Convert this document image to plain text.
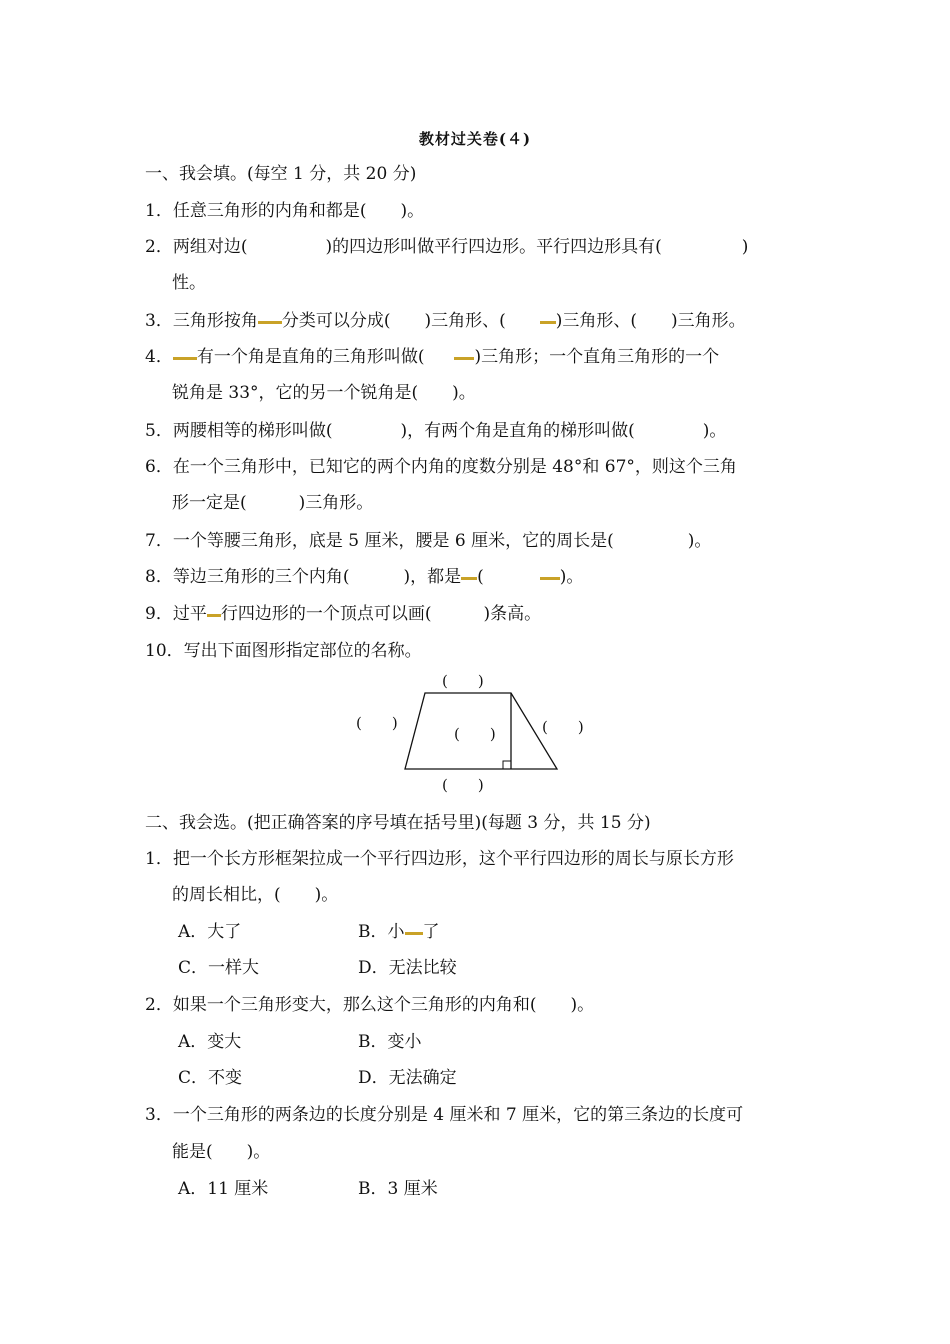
教材过关卷(４)
一、我会填。(每空 1 分，共 20 分)
1．任意三角形的内角和都是( )。
2．两组对边(	)的四边形叫做平行四边形。平行四边形具有(	)
性。
3．三角形按角 分类可以分成( )三角形、(	)三角形、( )三角形。
4． 有一个角是直角的三角形叫做(	)三角形；一个直角三角形的一个
锐角是 33°，它的另一个锐角是( )。
5．两腰相等的梯形叫做(	)，有两个角是直角的梯形叫做(	)。
6．在一个三角形中，已知它的两个内角的度数分别是 48°和 67°，则这个三角
形一定是(	)三角形。
7．一个等腰三角形，底是 5 厘米，腰是 6 厘米，它的周长是(	)。
8．等边三角形的三个内角(	)，都是 (	)。
9．过平 行四边形的一个顶点可以画(	)条高。
10．写出下面图形指定部位的名称。
(　　)
(　　)
(　　)	(　　)
(　　)
二、我会选。(把正确答案的序号填在括号里)(每题 3 分，共 15 分)
1．把一个长方形框架拉成一个平行四边形，这个平行四边形的周长与原长方形
的周长相比，( )。
A．大了	B．小 了
C．一样大	D．无法比较
2．如果一个三角形变大，那么这个三角形的内角和( )。
A．变大	B．变小
C．不变	D．无法确定
3．一个三角形的两条边的长度分别是 4 厘米和 7 厘米，它的第三条边的长度可
能是( )。
A．11 厘米	B．3 厘米
